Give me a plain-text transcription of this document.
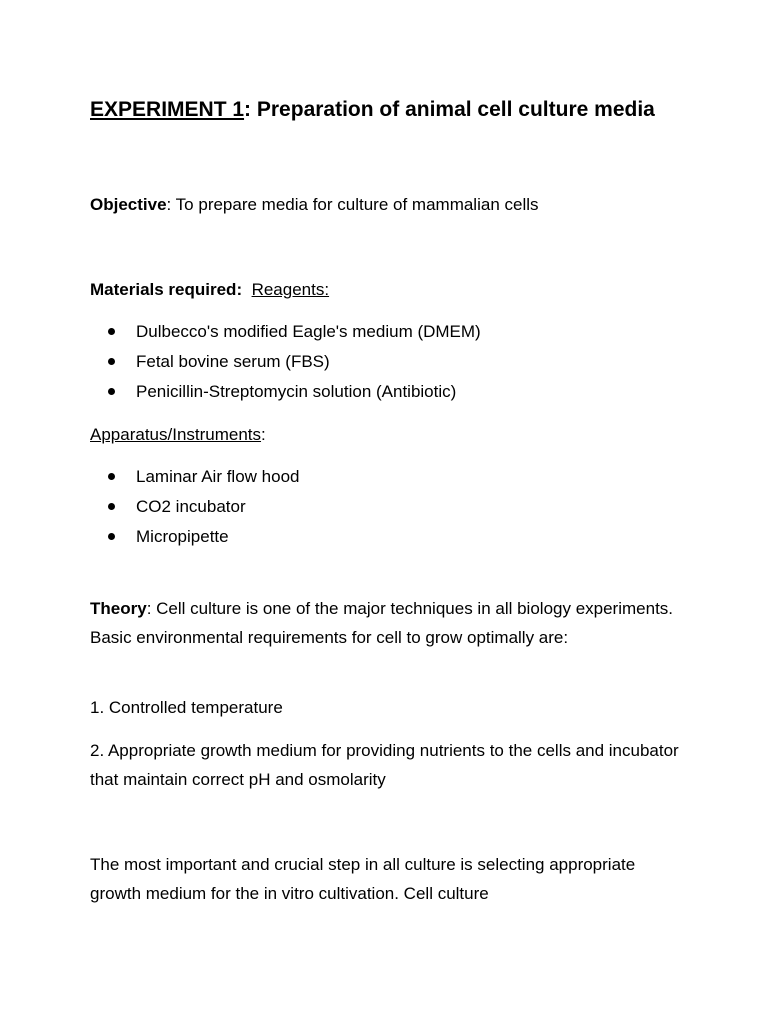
EXPERIMENT 1: Preparation of animal cell culture media
Objective: To prepare media for culture of mammalian cells
Materials required: Reagents:
Dulbecco's modified Eagle's medium (DMEM)
Fetal bovine serum (FBS)
Penicillin-Streptomycin solution (Antibiotic)
Apparatus/Instruments:
Laminar Air flow hood
CO2 incubator
Micropipette
Theory: Cell culture is one of the major techniques in all biology experiments. Basic environmental requirements for cell to grow optimally are:
1. Controlled temperature
2. Appropriate growth medium for providing nutrients to the cells and incubator that maintain correct pH and osmolarity
The most important and crucial step in all culture is selecting appropriate growth medium for the in vitro cultivation. Cell culture
